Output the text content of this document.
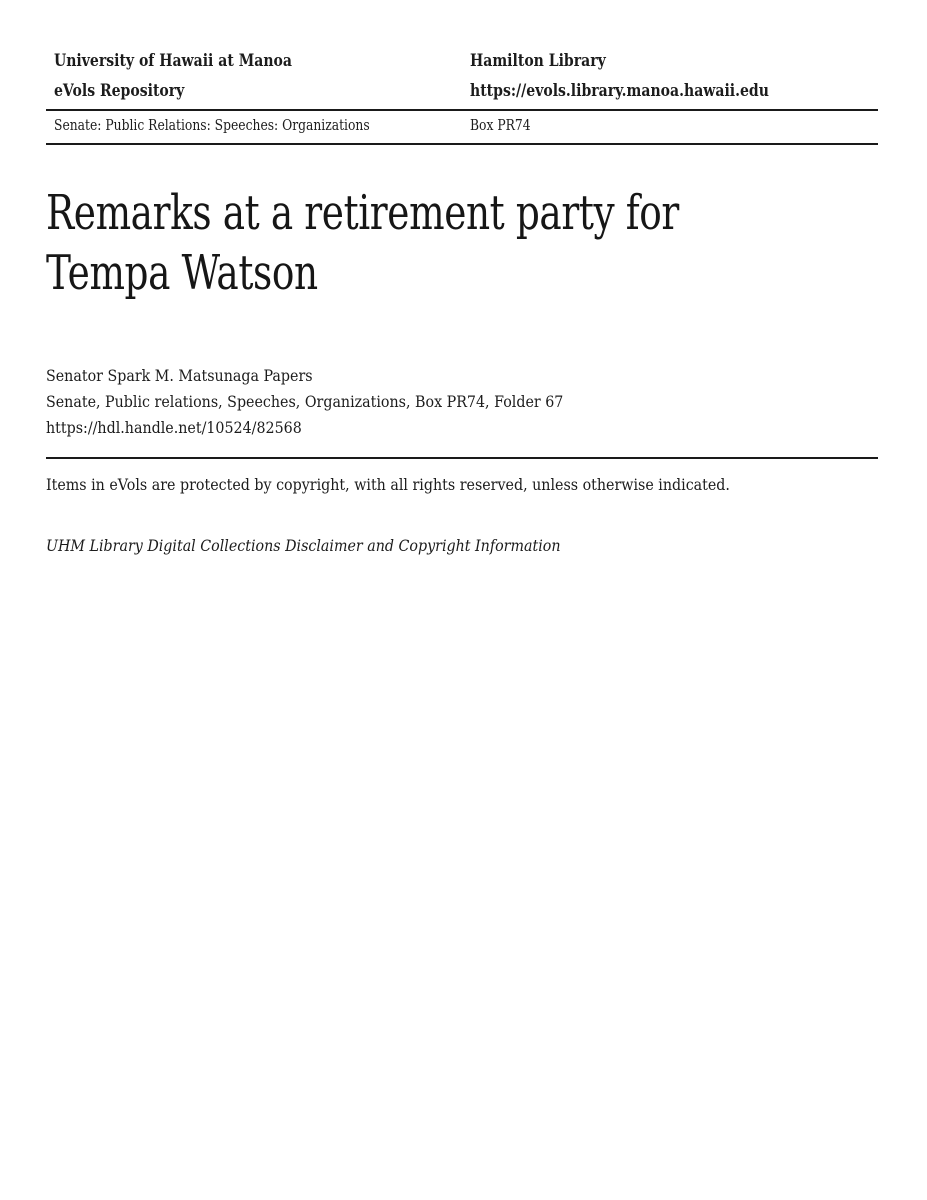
University of Hawaii at Manoa
eVols Repository
Hamilton Library
https://evols.library.manoa.hawaii.edu
Senate: Public Relations: Speeches: Organizations	Box PR74
Remarks at a retirement party for Tempa Watson
Senator Spark M. Matsunaga Papers
Senate, Public relations, Speeches, Organizations, Box PR74, Folder 67
https://hdl.handle.net/10524/82568

Items in eVols are protected by copyright, with all rights reserved, unless otherwise indicated.

UHM Library Digital Collections Disclaimer and Copyright Information
